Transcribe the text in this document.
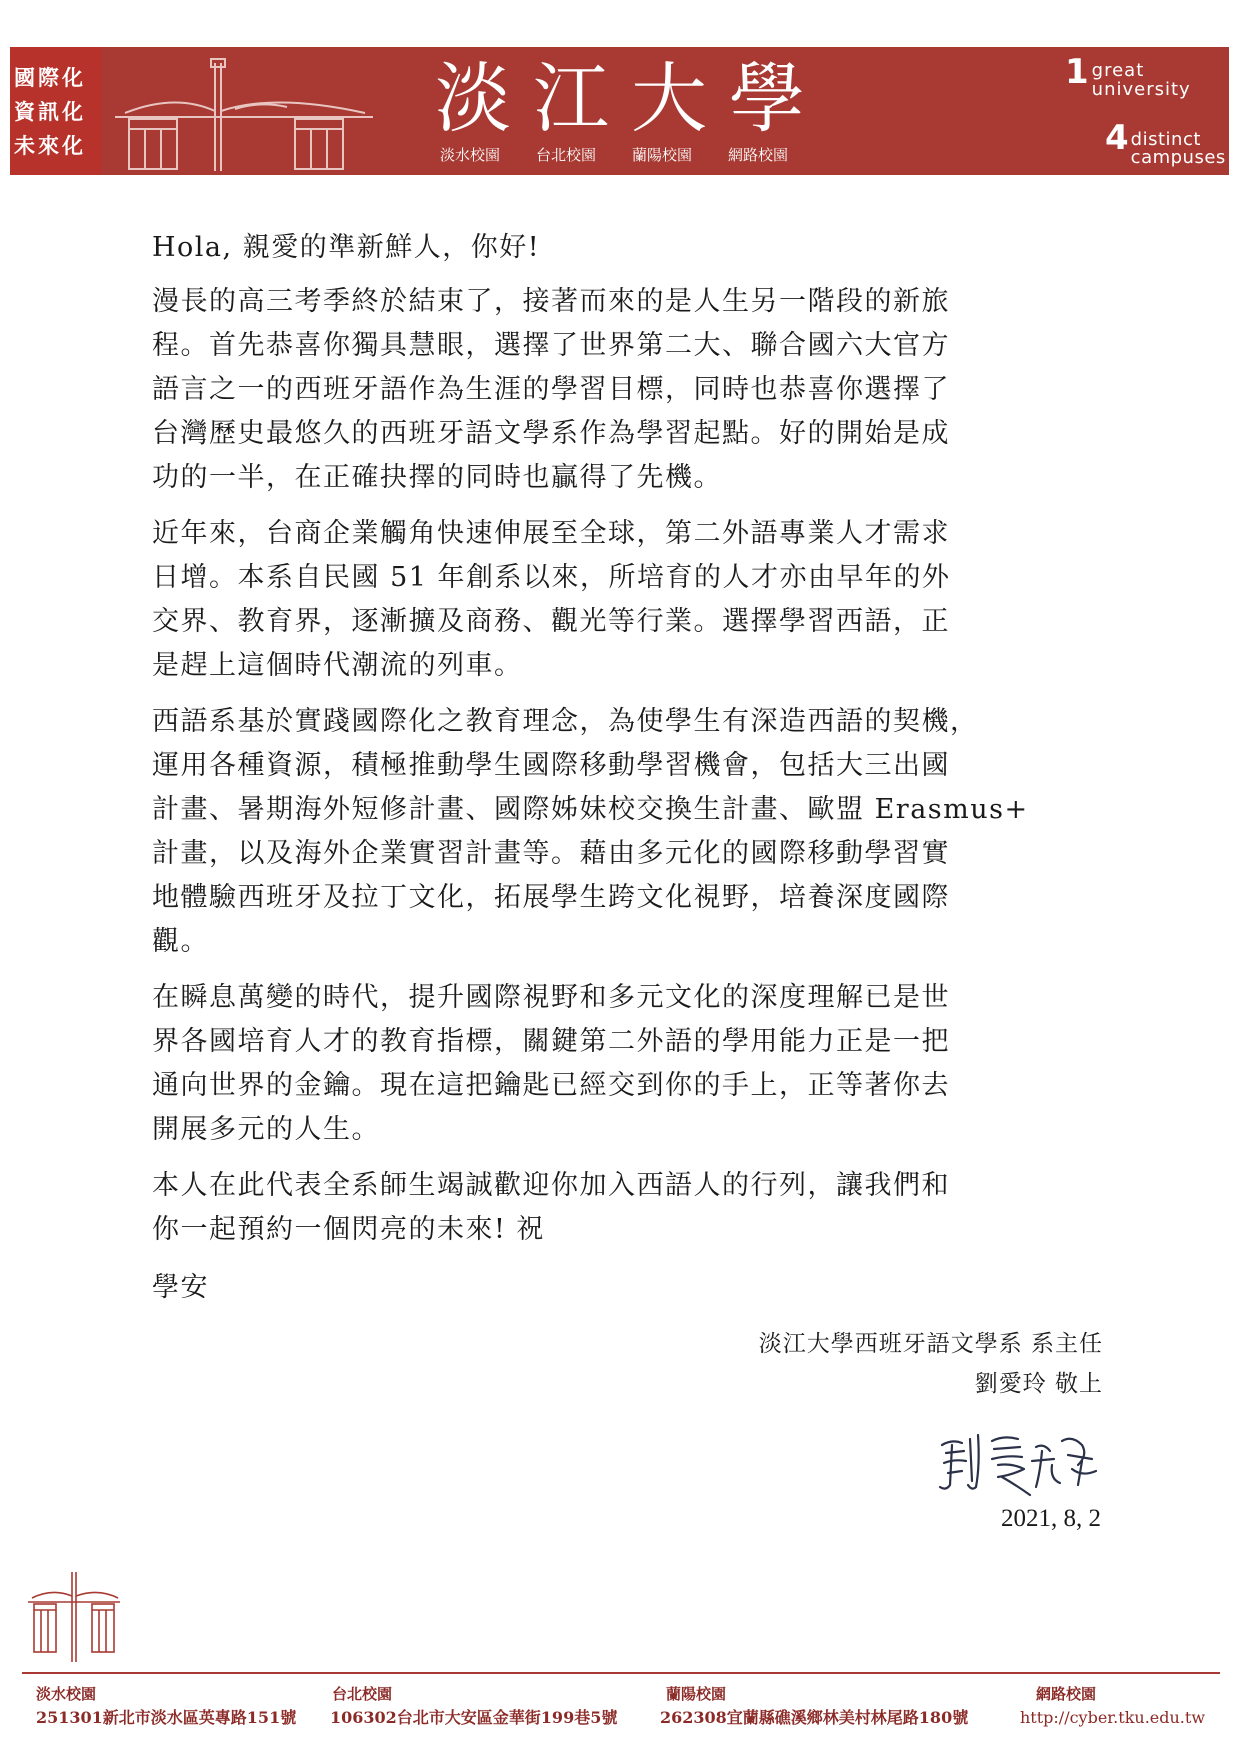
國際化
資訊化
未來化
淡江大學
淡水校園 台北校園 蘭陽校園 網路校園
1 great
university
4 distinct
campuses
Hola, 親愛的準新鮮人，你好!
漫長的高三考季終於結束了，接著而來的是人生另一階段的新旅
程。首先恭喜你獨具慧眼，選擇了世界第二大、聯合國六大官方
語言之一的西班牙語作為生涯的學習目標，同時也恭喜你選擇了
台灣歷史最悠久的西班牙語文學系作為學習起點。好的開始是成
功的一半，在正確抉擇的同時也贏得了先機。
近年來，台商企業觸角快速伸展至全球，第二外語專業人才需求
日增。本系自民國 51 年創系以來，所培育的人才亦由早年的外
交界、教育界，逐漸擴及商務、觀光等行業。選擇學習西語，正
是趕上這個時代潮流的列車。
西語系基於實踐國際化之教育理念，為使學生有深造西語的契機，
運用各種資源，積極推動學生國際移動學習機會，包括大三出國
計畫、暑期海外短修計畫、國際姊妹校交換生計畫、歐盟 Erasmus+
計畫，以及海外企業實習計畫等。藉由多元化的國際移動學習實
地體驗西班牙及拉丁文化，拓展學生跨文化視野，培養深度國際
觀。
在瞬息萬變的時代，提升國際視野和多元文化的深度理解已是世
界各國培育人才的教育指標，關鍵第二外語的學用能力正是一把
通向世界的金鑰。現在這把鑰匙已經交到你的手上，正等著你去
開展多元的人生。
本人在此代表全系師生竭誠歡迎你加入西語人的行列，讓我們和
你一起預約一個閃亮的未來! 祝
學安
淡江大學西班牙語文學系 系主任
劉愛玲 敬上
2021, 8, 2
淡水校園
251301新北市淡水區英專路151號
台北校園
106302台北市大安區金華街199巷5號
蘭陽校園
262308宜蘭縣礁溪鄉林美村林尾路180號
網路校園
http://cyber.tku.edu.tw
